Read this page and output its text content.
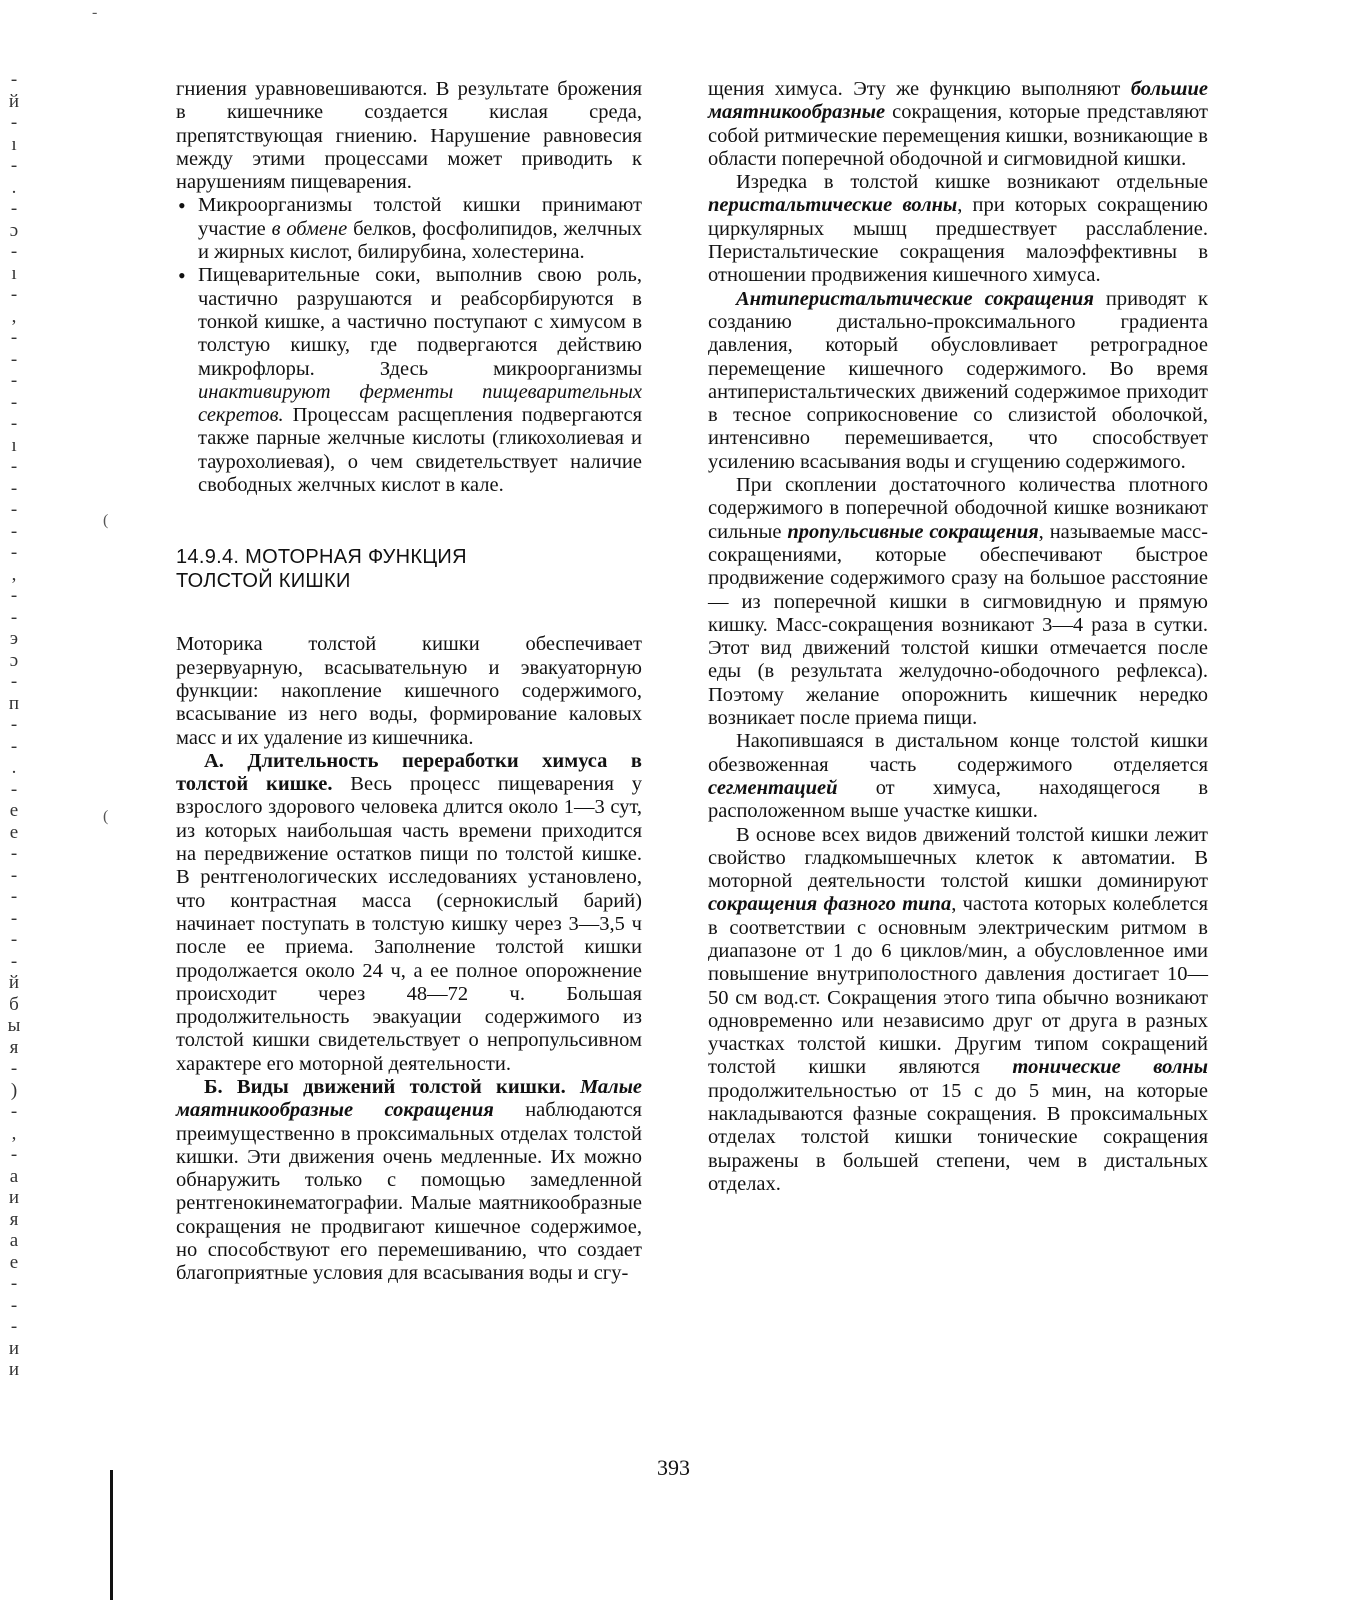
-
й
-
ı
-
.
-
ɔ
-
ı
-
,
-
-
-
-
-
ı
-
-
-
-
-
,
-
-
э
ɔ
-
п
-
-
.
-
е
е
-
-
-
-
-
-
й
б
ы
я
-
)
-
,
-
а
и
я
а
е
-
-
-
и
и
-
(
(

гниения уравновешиваются. В результате брожения в кишечнике создается кислая среда, препятствующая гниению. Нарушение равновесия между этими процессами может приводить к нарушениям пищеварения.

• Микроорганизмы толстой кишки принимают участие в обмене белков, фосфолипидов, желчных и жирных кислот, билирубина, холестерина.

• Пищеварительные соки, выполнив свою роль, частично разрушаются и реабсорбируются в тонкой кишке, а частично поступают с химусом в толстую кишку, где подвергаются действию микрофлоры. Здесь микроорганизмы инактивируют ферменты пищеварительных секретов. Процессам расщепления подвергаются также парные желчные кислоты (гликохолиевая и таурохолиевая), о чем свидетельствует наличие свободных желчных кислот в кале.

14.9.4. МОТОРНАЯ ФУНКЦИЯ
ТОЛСТОЙ КИШКИ

Моторика толстой кишки обеспечивает резервуарную, всасывательную и эвакуаторную функции: накопление кишечного содержимого, всасывание из него воды, формирование каловых масс и их удаление из кишечника.

А. Длительность переработки химуса в толстой кишке. Весь процесс пищеварения у взрослого здорового человека длится около 1—3 сут, из которых наибольшая часть времени приходится на передвижение остатков пищи по толстой кишке. В рентгенологических исследованиях установлено, что контрастная масса (сернокислый барий) начинает поступать в толстую кишку через 3—3,5 ч после ее приема. Заполнение толстой кишки продолжается около 24 ч, а ее полное опорожнение происходит через 48—72 ч. Большая продолжительность эвакуации содержимого из толстой кишки свидетельствует о непропульсивном характере его моторной деятельности.

Б. Виды движений толстой кишки. Малые маятникообразные сокращения наблюдаются преимущественно в проксимальных отделах толстой кишки. Эти движения очень медленные. Их можно обнаружить только с помощью замедленной рентгенокинематографии. Малые маятникообразные сокращения не продвигают кишечное содержимое, но способствуют его перемешиванию, что создает благоприятные условия для всасывания воды и сгу-

щения химуса. Эту же функцию выполняют большие маятникообразные сокращения, которые представляют собой ритмические перемещения кишки, возникающие в области поперечной ободочной и сигмовидной кишки.

Изредка в толстой кишке возникают отдельные перистальтические волны, при которых сокращению циркулярных мышц предшествует расслабление. Перистальтические сокращения малоэффективны в отношении продвижения кишечного химуса.

Антиперистальтические сокращения приводят к созданию дистально-проксимального градиента давления, который обусловливает ретроградное перемещение кишечного содержимого. Во время антиперистальтических движений содержимое приходит в тесное соприкосновение со слизистой оболочкой, интенсивно перемешивается, что способствует усилению всасывания воды и сгущению содержимого.

При скоплении достаточного количества плотного содержимого в поперечной ободочной кишке возникают сильные пропульсивные сокращения, называемые масс-сокращениями, которые обеспечивают быстрое продвижение содержимого сразу на большое расстояние — из поперечной кишки в сигмовидную и прямую кишку. Масс-сокращения возникают 3—4 раза в сутки. Этот вид движений толстой кишки отмечается после еды (в результата желудочно-ободочного рефлекса). Поэтому желание опорожнить кишечник нередко возникает после приема пищи.

Накопившаяся в дистальном конце толстой кишки обезвоженная часть содержимого отделяется сегментацией от химуса, находящегося в расположенном выше участке кишки.

В основе всех видов движений толстой кишки лежит свойство гладкомышечных клеток к автоматии. В моторной деятельности толстой кишки доминируют сокращения фазного типа, частота которых колеблется в соответствии с основным электрическим ритмом в диапазоне от 1 до 6 циклов/мин, а обусловленное ими повышение внутриполостного давления достигает 10—50 см вод.ст. Сокращения этого типа обычно возникают одновременно или независимо друг от друга в разных участках толстой кишки. Другим типом сокращений толстой кишки являются тонические волны продолжительностью от 15 с до 5 мин, на которые накладываются фазные сокращения. В проксимальных отделах толстой кишки тонические сокращения выражены в большей степени, чем в дистальных отделах.

393
